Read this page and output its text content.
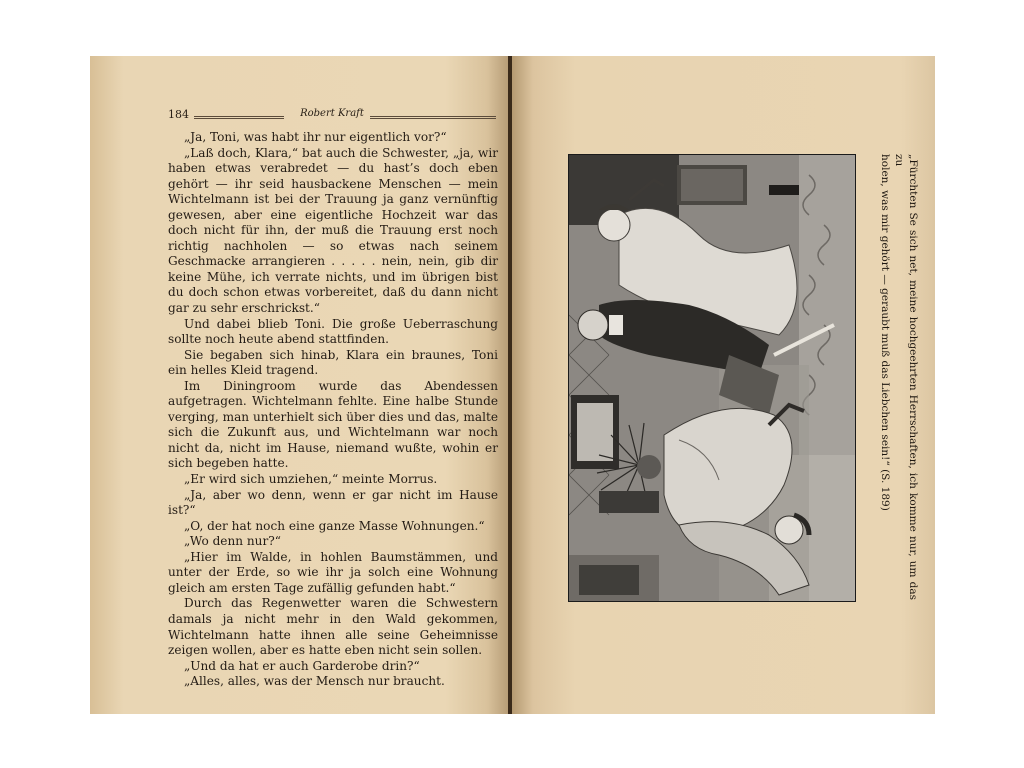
184	Robert Kraft

„Ja, Toni, was habt ihr nur eigentlich vor?“

„Laß doch, Klara,“ bat auch die Schwester, „ja, wir haben etwas verabredet — du hast’s doch eben gehört — ihr seid hausbackene Menschen — mein Wichtelmann ist bei der Trauung ja ganz vernünftig gewesen, aber eine eigentliche Hochzeit war das doch nicht für ihn, der muß die Trauung erst noch richtig nachholen — so etwas nach seinem Geschmacke arrangieren . . . . . nein, nein, gib dir keine Mühe, ich verrate nichts, und im übrigen bist du doch schon etwas vorbereitet, daß du dann nicht gar zu sehr erschrickst.“

Und dabei blieb Toni. Die große Ueberraschung sollte noch heute abend stattfinden.

Sie begaben sich hinab, Klara ein braunes, Toni ein helles Kleid tragend.

Im Diningroom wurde das Abendessen aufgetragen. Wichtelmann fehlte. Eine halbe Stunde verging, man unterhielt sich über dies und das, malte sich die Zukunft aus, und Wichtelmann war noch nicht da, nicht im Hause, niemand wußte, wohin er sich begeben hatte.

„Er wird sich umziehen,“ meinte Morrus.

„Ja, aber wo denn, wenn er gar nicht im Hause ist?“

„O, der hat noch eine ganze Masse Wohnungen.“

„Wo denn nur?“

„Hier im Walde, in hohlen Baumstämmen, und unter der Erde, so wie ihr ja solch eine Wohnung gleich am ersten Tage zufällig gefunden habt.“

Durch das Regenwetter waren die Schwestern damals ja nicht mehr in den Wald gekommen, Wichtelmann hatte ihnen alle seine Geheimnisse zeigen wollen, aber es hatte eben nicht sein sollen.

„Und da hat er auch Garderobe drin?“

„Alles, alles, was der Mensch nur braucht.

„Fürchten Se sich net, meine hochgeehrten Herrschaften, ich komme nur, um das zu
holen, was mir gehört — geraubt muß das Liebchen sein!“ (S. 189)
